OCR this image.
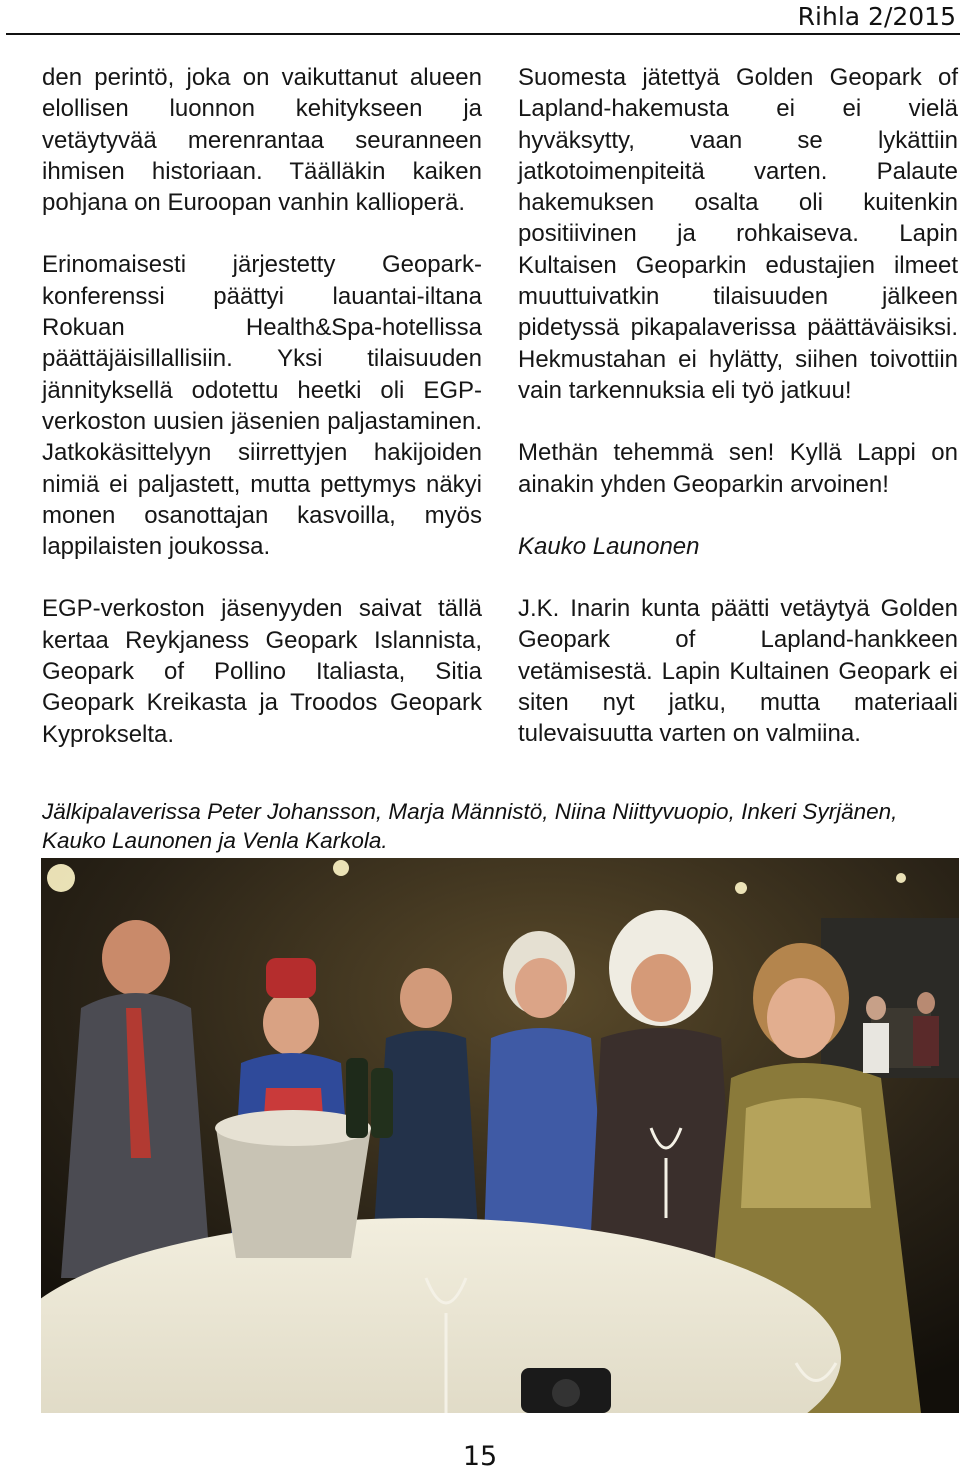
Rihla 2/2015

den perintö, joka on vaikuttanut alueen elollisen luonnon kehitykseen ja vetäytyvää merenrantaa seuranneen ihmisen historiaan. Täälläkin kaiken pohjana on Euroopan vanhin kallioperä.

Erinomaisesti järjestetty Geopark-konferenssi päättyi lauantai-iltana Rokuan Health&Spa-hotellissa päättäjäisillallisiin. Yksi tilaisuuden jännityksellä odotettu heetki oli EGP-verkoston uusien jäsenien paljastaminen. Jatkokäsittelyyn siirrettyjen hakijoiden nimiä ei paljastett, mutta pettymys näkyi monen osanottajan kasvoilla, myös lappilaisten joukossa.

EGP-verkoston jäsenyyden saivat tällä kertaa Reykjaness Geopark Islannista, Geopark of Pollino Italiasta, Sitia Geopark Kreikasta ja Troodos Geopark Kyprokselta.

Suomesta jätettyä Golden Geopark of Lapland-hakemusta ei ei vielä hyväksytty, vaan se lykättiin jatkotoimenpiteitä varten. Palaute hakemuksen osalta oli kuitenkin positiivinen ja rohkaiseva. Lapin Kultaisen Geoparkin edustajien ilmeet muuttuivatkin tilaisuuden jälkeen pidetyssä pikapalaverissa päättäväisiksi. Hekmustahan ei hylätty, siihen toivottiin vain tarkennuksia eli työ jatkuu!

Methän tehemmä sen! Kyllä Lappi on ainakin yhden Geoparkin arvoinen!

Kauko Launonen

J.K. Inarin kunta päätti vetäytyä Golden Geopark of Lapland-hankkeen vetämisestä. Lapin Kultainen Geopark ei siten nyt jatku, mutta materiaali tulevaisuutta varten on valmiina.

Jälkipalaverissa Peter Johansson, Marja Männistö, Niina Niittyvuopio, Inkeri Syrjänen, Kauko Launonen ja Venla Karkola.
15
